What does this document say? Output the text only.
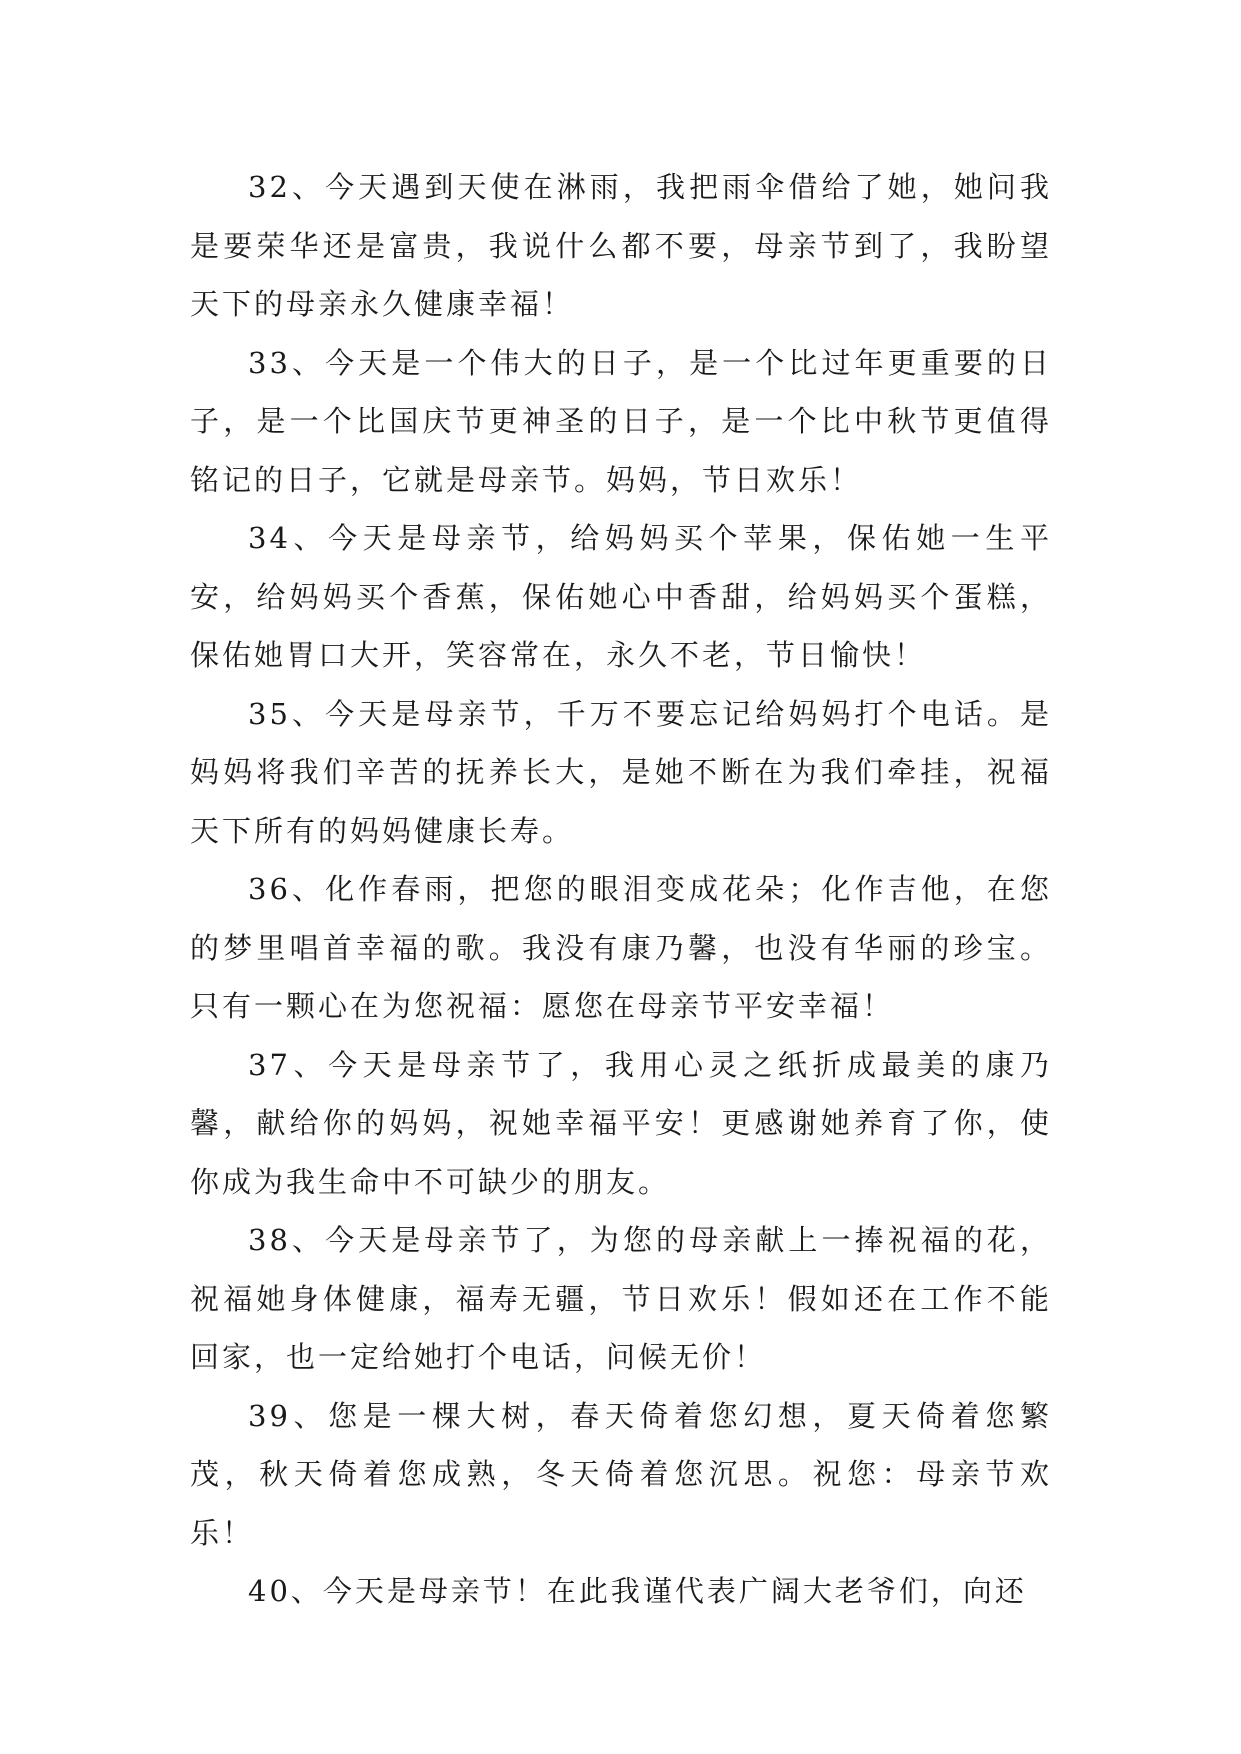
32、今天遇到天使在淋雨，我把雨伞借给了她，她问我是要荣华还是富贵，我说什么都不要，母亲节到了，我盼望天下的母亲永久健康幸福！

33、今天是一个伟大的日子，是一个比过年更重要的日子，是一个比国庆节更神圣的日子，是一个比中秋节更值得铭记的日子，它就是母亲节。妈妈，节日欢乐！

34、今天是母亲节，给妈妈买个苹果，保佑她一生平安，给妈妈买个香蕉，保佑她心中香甜，给妈妈买个蛋糕，保佑她胃口大开，笑容常在，永久不老，节日愉快！

35、今天是母亲节，千万不要忘记给妈妈打个电话。是妈妈将我们辛苦的抚养长大，是她不断在为我们牵挂，祝福天下所有的妈妈健康长寿。

36、化作春雨，把您的眼泪变成花朵；化作吉他，在您的梦里唱首幸福的歌。我没有康乃馨，也没有华丽的珍宝。只有一颗心在为您祝福：愿您在母亲节平安幸福！

37、今天是母亲节了，我用心灵之纸折成最美的康乃馨，献给你的妈妈，祝她幸福平安！更感谢她养育了你，使你成为我生命中不可缺少的朋友。

38、今天是母亲节了，为您的母亲献上一捧祝福的花，祝福她身体健康，福寿无疆，节日欢乐！假如还在工作不能回家，也一定给她打个电话，问候无价！

39、您是一棵大树，春天倚着您幻想，夏天倚着您繁茂，秋天倚着您成熟，冬天倚着您沉思。祝您：母亲节欢乐！

40、今天是母亲节！在此我谨代表广阔大老爷们，向还
